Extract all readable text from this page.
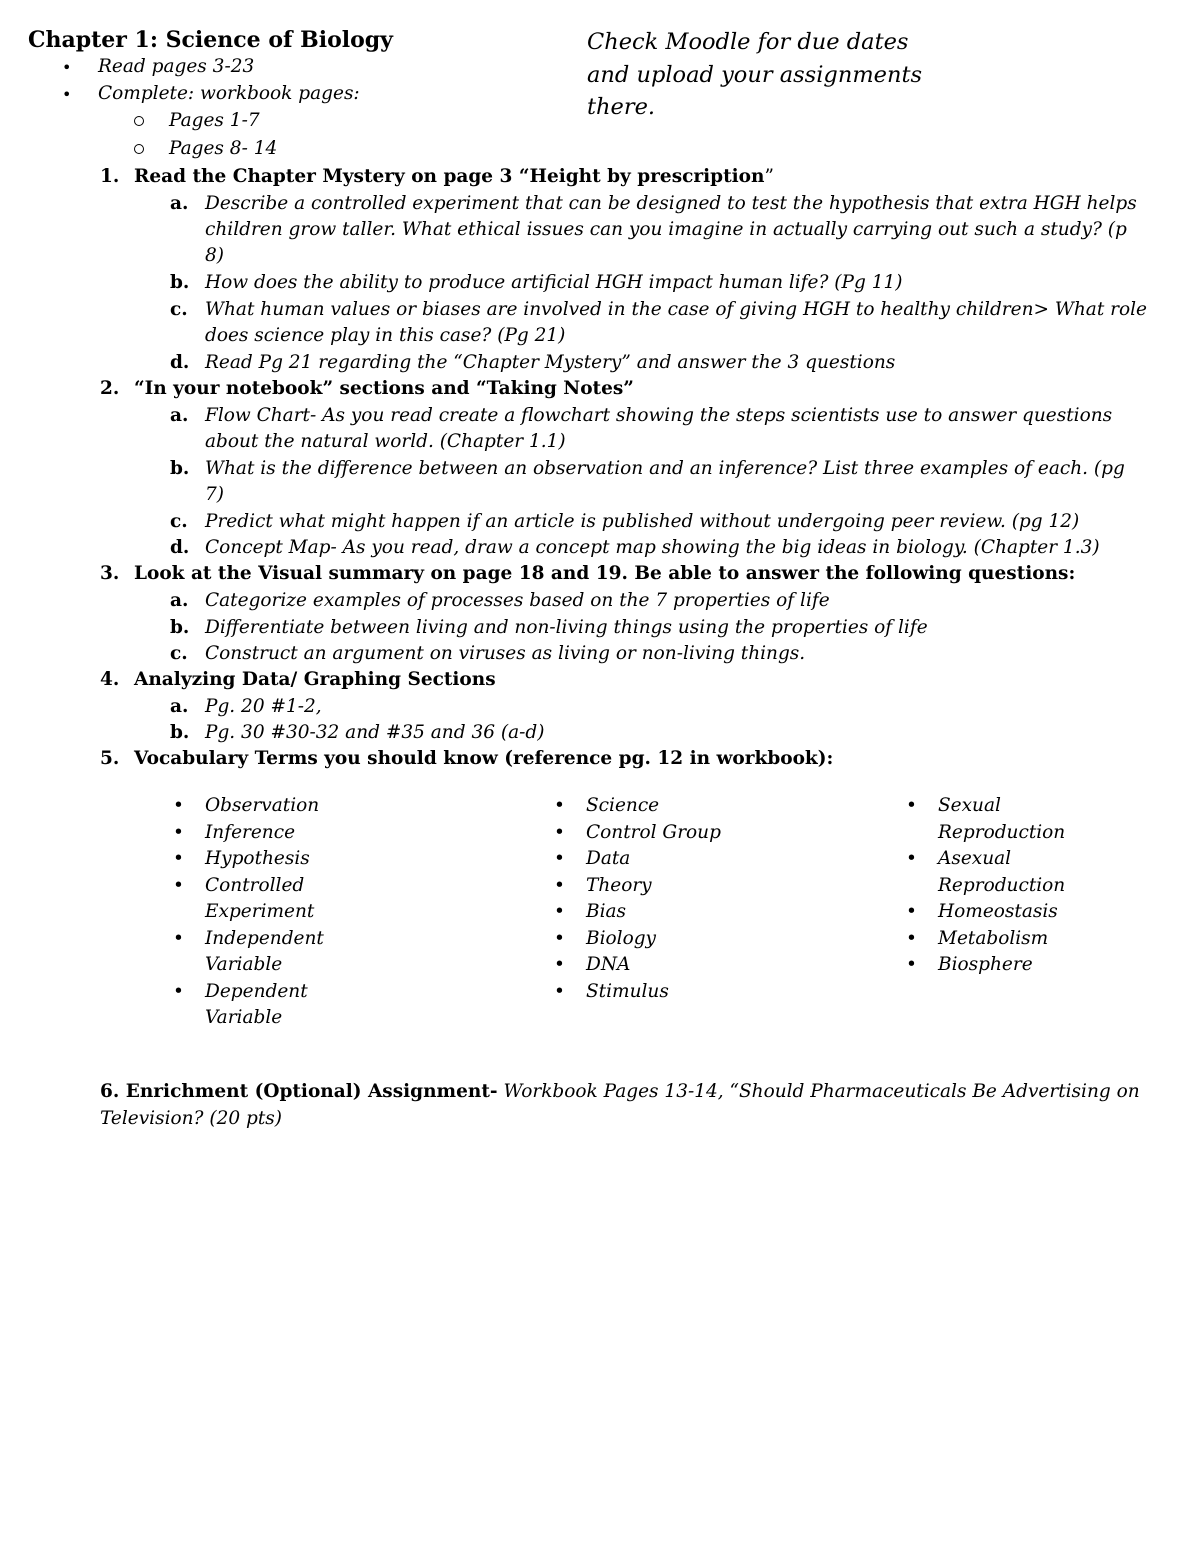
Chapter 1: Science of Biology	Check Moodle for due dates
and upload your assignments
there.
• Read pages 3-23
• Complete: workbook pages:
Pages 1-7
Pages 8- 14
1. Read the Chapter Mystery on page 3 “Height by prescription”
a. Describe a controlled experiment that can be designed to test the hypothesis that extra HGH helps
children grow taller. What ethical issues can you imagine in actually carrying out such a study? (p
8)
b. How does the ability to produce artificial HGH impact human life? (Pg 11)
c. What human values or biases are involved in the case of giving HGH to healthy children> What role
does science play in this case? (Pg 21)
d. Read Pg 21 regarding the “Chapter Mystery” and answer the 3 questions
2. “In your notebook” sections and “Taking Notes”
a. Flow Chart- As you read create a flowchart showing the steps scientists use to answer questions
about the natural world. (Chapter 1.1)
b. What is the difference between an observation and an inference? List three examples of each. (pg
7)
c. Predict what might happen if an article is published without undergoing peer review. (pg 12)
d. Concept Map- As you read, draw a concept map showing the big ideas in biology. (Chapter 1.3)
3. Look at the Visual summary on page 18 and 19. Be able to answer the following questions:
a. Categorize examples of processes based on the 7 properties of life
b. Differentiate between living and non-living things using the properties of life
c. Construct an argument on viruses as living or non-living things.
4. Analyzing Data/ Graphing Sections
a. Pg. 20 #1-2,
b. Pg. 30 #30-32 and #35 and 36 (a-d)
5. Vocabulary Terms you should know (reference pg. 12 in workbook):
• Observation
• Inference
• Hypothesis
• Controlled
Experiment
• Independent
Variable
• Dependent
Variable
• Science
• Control Group
• Data
• Theory
• Bias
• Biology
• DNA
• Stimulus
• Sexual
Reproduction
• Asexual
Reproduction
• Homeostasis
• Metabolism
• Biosphere
6. Enrichment (Optional) Assignment- Workbook Pages 13-14, “Should Pharmaceuticals Be Advertising on
Television? (20 pts)
